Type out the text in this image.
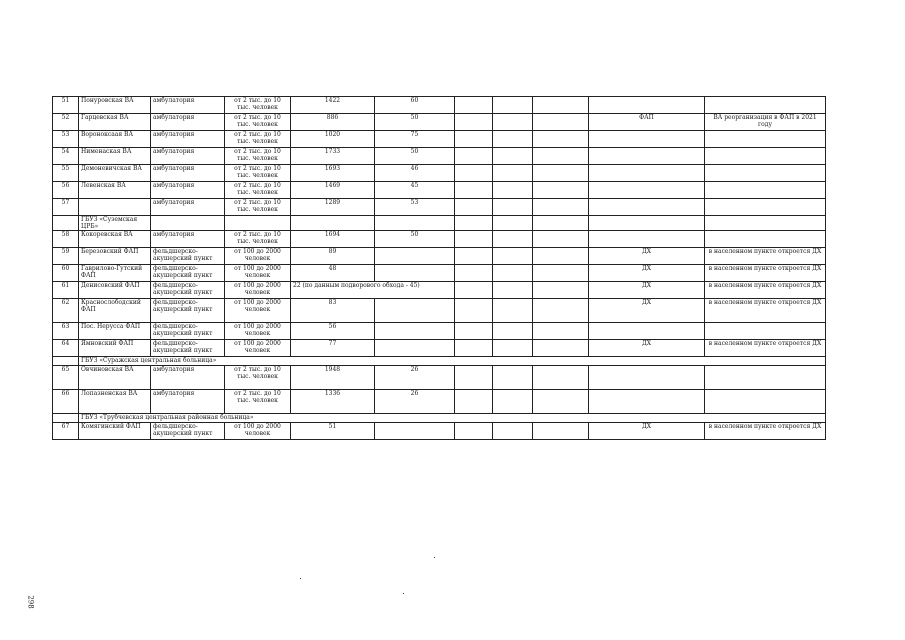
51	Понуровская ВА	амбулатория	от 2 тыс. до 10 тыс. человек	1422	60					
52	Гарцевская ВА	амбулатория	от 2 тыс. до 10 тыс. человек	886	50				ФАП	ВА реорганизация в ФАП в 2021 году
53	Вороноксаая ВА	амбулатория	от 2 тыс. до 10 тыс. человек	1020	75					
54	Нименаская ВА	амбулатория	от 2 тыс. до 10 тыс. человек	1733	50					
55	Демоневичская ВА	амбулатория	от 2 тыс. до 10 тыс. человек	1693	46					
56	Левенская ВА	амбулатория	от 2 тыс. до 10 тыс. человек	1469	45					
57		амбулатория	от 2 тыс. до 10 тыс. человек	1289	53					
	ГБУЗ «Суземская ЦРБ»									
58	Кокоревская ВА	амбулатория	от 2 тыс. до 10 тыс. человек	1694	50					
59	Березовский ФАП	фельдшерско-акушерский пункт	от 100 до 2000 человек	89					ДХ	в населенном пункте откроется ДХ
60	Гаврилово-Гутский ФАП	фельдшерско-акушерский пункт	от 100 до 2000 человек	48					ДХ	в населенном пункте откроется ДХ
61	Денисовский ФАП	фельдшерско-акушерский пункт	от 100 до 2000 человек	22 (по данным подворового обхода - 45)					ДХ	в населенном пункте откроется ДХ
62	Краснослободский ФАП	фельдшерско-акушерский пункт	от 100 до 2000 человек	83					ДХ	в населенном пункте откроется ДХ
63	Пос. Нерусса ФАП	фельдшерско-акушерский пункт	от 100 до 2000 человек	56						
64	Ямновский ФАП	фельдшерско-акушерский пункт	от 100 до 2000 человек	77					ДХ	в населенном пункте откроется ДХ
	ГБУЗ «Суражская центральная больница»									
65	Овчиновская ВА	амбулатория	от 2 тыс. до 10 тыс. человек	1948	26					
66	Лопазненская ВА	амбулатория	от 2 тыс. до 10 тыс. человек	1336	26					
	ГБУЗ «Трубчевская центральная районная больница»									
67	Комягинский ФАП	фельдшерско-акушерский пункт	от 100 до 2000 человек	51					ДХ	в населенном пункте откроется ДХ
298
